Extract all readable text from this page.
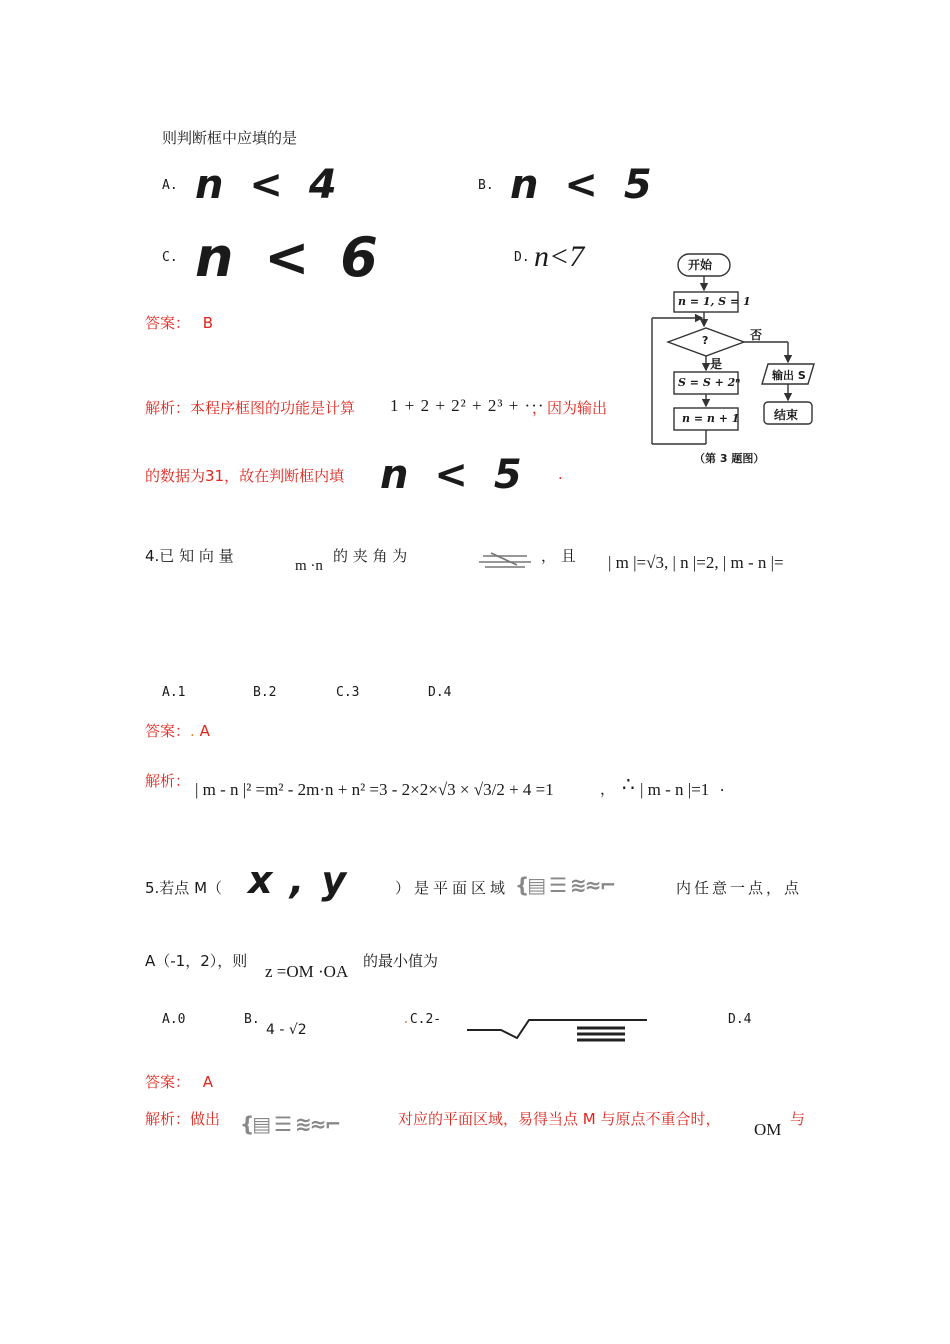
则判断框中应填的是
A. n < 4	B. n < 5
C. n < 6	D. n<7
答案： B
解析：本程序框图的功能是计算 1 + 2 + 2² + 2³ + ···
，因为输出
的数据为31，故在判断框内填 n < 5 .
开始
n = 1, S = 1
?	否
是
输出 S
结束
S = S + 2ⁿ
n = n + 1
（第 3 题图）
4.已 知 向 量
m ·n
的 夹 角 为	， 且 | m |=√3, | n |=2, | m - n |=
A.1	B.2	C.3	D.4
答案：. A
解析： | m - n |² =m² - 2m·n + n² =3 - 2×2×√3 × √3/2 + 4 =1	， ∴ | m - n |=1 .
5.若点 M（ x , y	）是平面区域 {▤ ☰ ≋≈⌐	内任意一点，点
A（-1，2），则
z =OM ·OA
的最小值为
A.0	B.
4 - √2
.C.2-	D.4
答案： A
解析：做出 {▤ ☰ ≋≈⌐	对应的平面区域，易得当点 M 与原点不重合时，
OM
与
